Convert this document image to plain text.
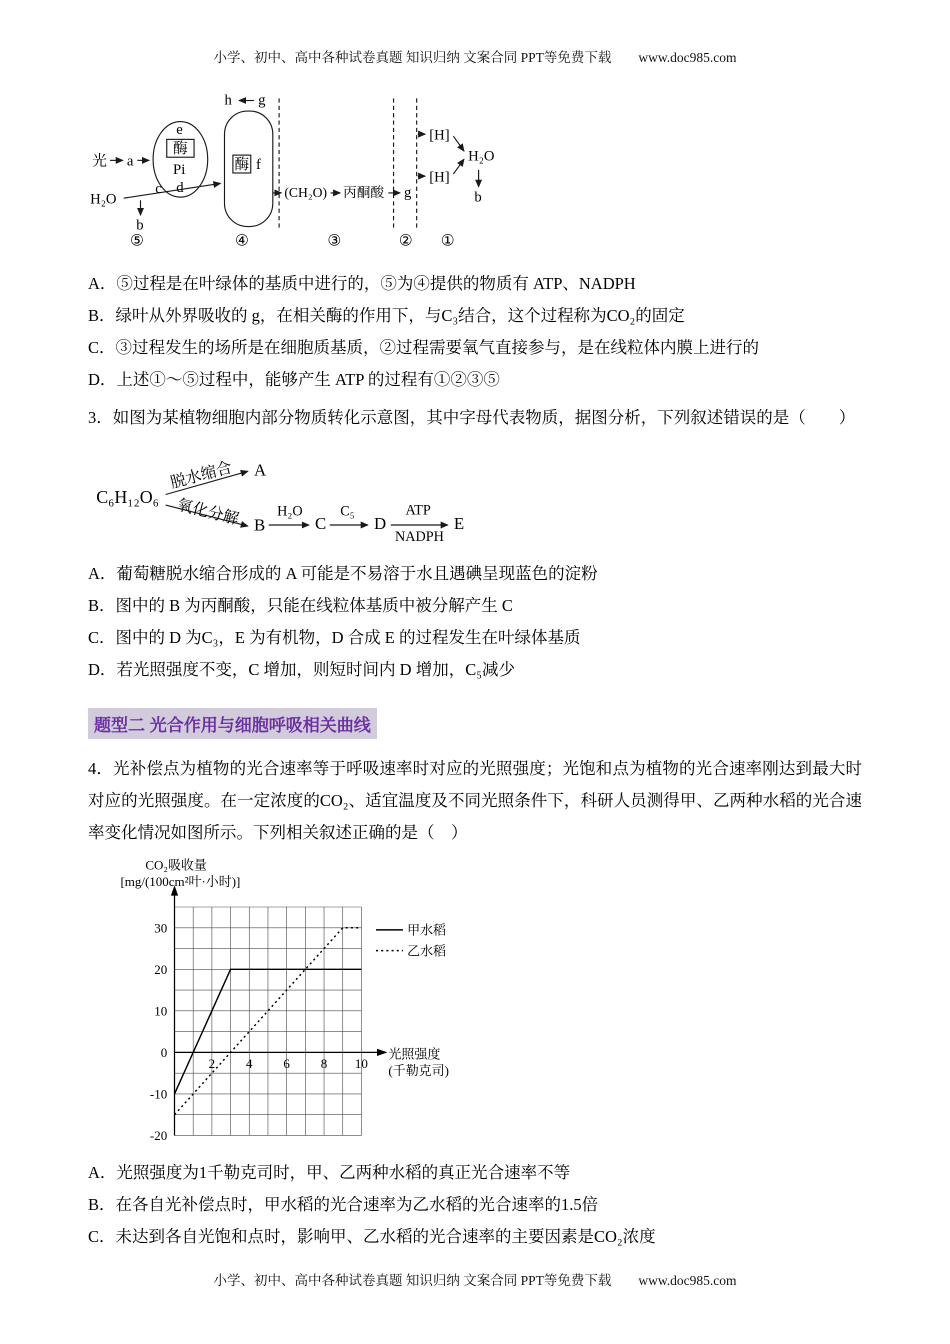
小学、初中、高中各种试卷真题 知识归纳 文案合同 PPT等免费下载　　www.doc985.com
光 a
e
酶
Pi
d
H₂O
c
b
⑤
h g
酶 f
④
(CH₂O) 丙酮酸 g
③	②
[H]
[H]
H₂O
b
①

A．⑤过程是在叶绿体的基质中进行的，⑤为④提供的物质有 ATP、NADPH

B．绿叶从外界吸收的 g，在相关酶的作用下，与C₃结合，这个过程称为CO₂的固定

C．③过程发生的场所是在细胞质基质，②过程需要氧气直接参与，是在线粒体内膜上进行的

D．上述①～⑤过程中，能够产生 ATP 的过程有①②③⑤

3．如图为某植物细胞内部分物质转化示意图，其中字母代表物质，据图分析，下列叙述错误的是（　　）

C₆H₁₂O₆
脱水缩合 A
氧化分解 B
H₂O
C
C₅
D
ATP
NADPH
E

A．葡萄糖脱水缩合形成的 A 可能是不易溶于水且遇碘呈现蓝色的淀粉

B．图中的 B 为丙酮酸，只能在线粒体基质中被分解产生 C

C．图中的 D 为C₃，E 为有机物，D 合成 E 的过程发生在叶绿体基质

D．若光照强度不变，C 增加，则短时间内 D 增加，C₅减少

题型二 光合作用与细胞呼吸相关曲线

4．光补偿点为植物的光合速率等于呼吸速率时对应的光照强度；光饱和点为植物的光合速率刚达到最大时对应的光照强度。在一定浓度的CO₂、适宜温度及不同光照条件下，科研人员测得甲、乙两种水稻的光合速率变化情况如图所示。下列相关叙述正确的是（　）

30
20
10
0
-10
-20
2 4 6 8 10
甲水稻
乙水稻
CO₂吸收量
[mg/(100cm²叶·小时)]
光照强度
(千勒克司)

A．光照强度为1千勒克司时，甲、乙两种水稻的真正光合速率不等

B．在各自光补偿点时，甲水稻的光合速率为乙水稻的光合速率的1.5倍

C．未达到各自光饱和点时，影响甲、乙水稻的光合速率的主要因素是CO₂浓度

小学、初中、高中各种试卷真题 知识归纳 文案合同 PPT等免费下载　　www.doc985.com
